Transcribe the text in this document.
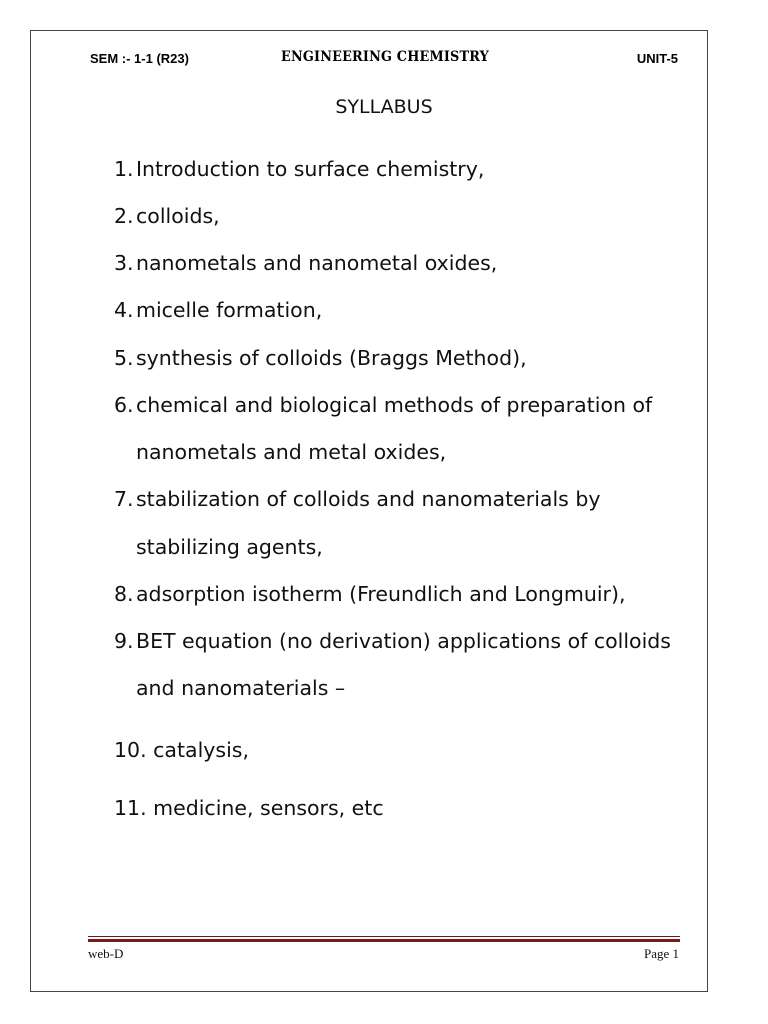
SEM :- 1-1 (R23)	ENGINEERING CHEMISTRY	UNIT-5
SYLLABUS
1. Introduction to surface chemistry,
2. colloids,
3. nanometals and nanometal oxides,
4. micelle formation,
5. synthesis of colloids (Braggs Method),
6. chemical and biological methods of preparation of
nanometals and metal oxides,
7. stabilization of colloids and nanomaterials by
stabilizing agents,
8. adsorption isotherm (Freundlich and Longmuir),
9. BET equation (no derivation) applications of colloids
and nanomaterials –
10. catalysis,
11. medicine, sensors, etc
web-D	Page 1
